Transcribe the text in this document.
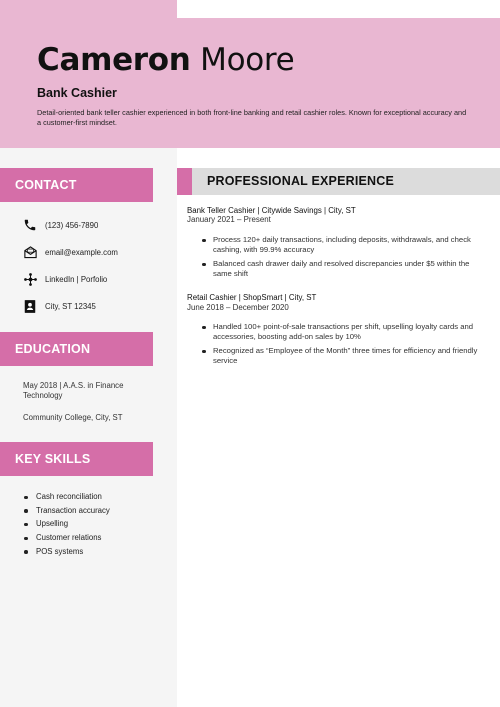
Cameron Moore
Bank Cashier
Detail-oriented bank teller cashier experienced in both front-line banking and retail cashier roles. Known for exceptional accuracy and a customer-first mindset.
CONTACT
(123) 456-7890
email@example.com
LinkedIn | Porfolio
City, ST 12345
EDUCATION
May 2018 | A.A.S. in Finance Technology
Community College, City, ST
KEY SKILLS
Cash reconciliation
Transaction accuracy
Upselling
Customer relations
POS systems
PROFESSIONAL EXPERIENCE
Bank Teller Cashier | Citywide Savings | City, ST
January 2021 – Present
Process 120+ daily transactions, including deposits, withdrawals, and check cashing, with 99.9% accuracy
Balanced cash drawer daily and resolved discrepancies under $5 within the same shift
Retail Cashier | ShopSmart | City, ST
June 2018 – December 2020
Handled 100+ point-of-sale transactions per shift, upselling loyalty cards and accessories, boosting add-on sales by 10%
Recognized as “Employee of the Month” three times for efficiency and friendly service
